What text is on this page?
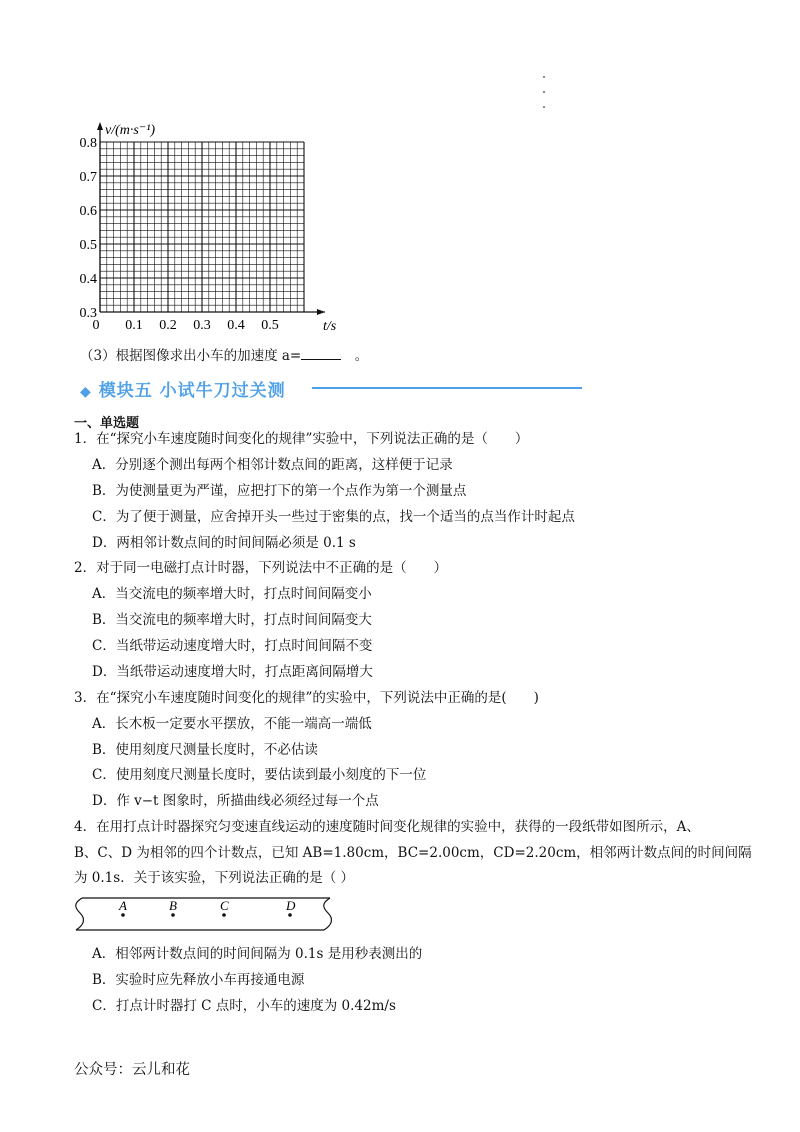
0.8
0.7
0.6
0.5
0.4
0.3
0 0.1 0.2 0.3 0.4 0.5
v/(m·s⁻¹)
t/s
（3）根据图像求出小车的加速度 a=　	。
◆ 模块五 小试牛刀过关测
一、单选题
1．在“探究小车速度随时间变化的规律”实验中，下列说法正确的是（　　）
A．分别逐个测出每两个相邻计数点间的距离，这样便于记录
B．为使测量更为严谨，应把打下的第一个点作为第一个测量点
C．为了便于测量，应舍掉开头一些过于密集的点，找一个适当的点当作计时起点
D．两相邻计数点间的时间间隔必须是 0.1 s
2．对于同一电磁打点计时器，下列说法中不正确的是（　　）
A．当交流电的频率增大时，打点时间间隔变小
B．当交流电的频率增大时，打点时间间隔变大
C．当纸带运动速度增大时，打点时间间隔不变
D．当纸带运动速度增大时，打点距离间隔增大
3．在“探究小车速度随时间变化的规律”的实验中，下列说法中正确的是(　　)
A．长木板一定要水平摆放，不能一端高一端低
B．使用刻度尺测量长度时，不必估读
C．使用刻度尺测量长度时，要估读到最小刻度的下一位
D．作 v−t 图象时，所描曲线必须经过每一个点
4．在用打点计时器探究匀变速直线运动的速度随时间变化规律的实验中，获得的一段纸带如图所示，A、
B、C、D 为相邻的四个计数点，已知 AB=1.80cm，BC=2.00cm，CD=2.20cm，相邻两计数点间的时间间隔
为 0.1s．关于该实验，下列说法正确的是（ ）
A	B	C	D
A．相邻两计数点间的时间间隔为 0.1s 是用秒表测出的
B．实验时应先释放小车再接通电源
C．打点计时器打 C 点时，小车的速度为 0.42m/s
公众号：云儿和花
